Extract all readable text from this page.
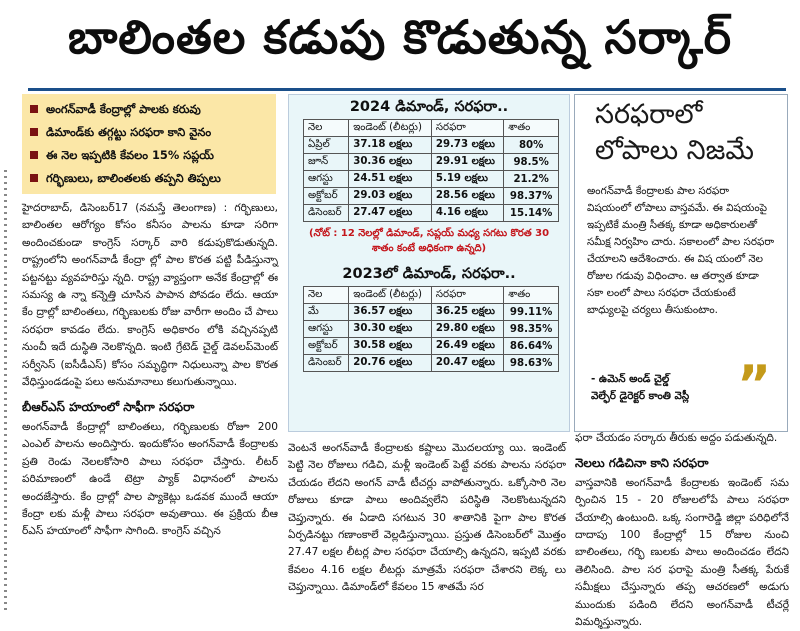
బాలింతల కడుపు కొడుతున్న సర్కార్
అంగన్‌వాడీ కేంద్రాల్లో పాలకు కరువు
డిమాండ్‌కు తగ్గట్టు సరఫరా కాని వైనం
ఈ నెల ఇప్పటికి కేవలం 15% సప్లయ్
గర్భిణులు, బాలింతలకు తప్పని తిప్పలు

హైదరాబాద్, డిసెంబర్17 (నమస్తే తెలంగాణ) : గర్భిణులు, బాలింతల ఆరోగ్యం కోసం కనీసం పాలను కూడా సరిగా అందించకుండా కాంగ్రెస్ సర్కార్ వారి కడుపుకొడుతున్నది. రాష్ట్రంలోని అంగన్‌వాడీ కేంద్రా ల్లో పాల కొరత పట్టి పీడిస్తున్నా పట్టనట్టు వ్యవహరిస్తు న్నది. రాష్ట్ర వ్యాప్తంగా అనేక కేంద్రాల్లో ఈ సమస్య ఉ న్నా కన్నెత్తి చూసిన పాపాన పోవడం లేదు. ఆయా కేం ద్రాల్లో బాలింతలు, గర్భిణులకు రోజు వారీగా అందిం చే పాలు సరఫరా కావడం లేదు. కాంగ్రెస్ అధికారం లోకి వచ్చినప్పటి నుంచీ ఇదే దుస్థితి నెలకొన్నది. ఇంటి గ్రేటెడ్ చైల్డ్ డెవలప్‌మెంట్ సర్వీసెస్ (ఐసీడీఎస్) కోసం సమృద్ధిగా నిధులున్నా పాల కొరత వేధిస్తుండడంపై పలు అనుమానాలు కలుగుతున్నాయి.

బీఆర్ఎస్ హయాంలో సాఫీగా సరఫరా

అంగన్‌వాడీ కేంద్రాల్లో బాలింతలు, గర్భిణులకు రోజూ 200 ఎంఎల్ పాలను అందిస్తారు. ఇందుకోసం అంగన్‌వాడీ కేంద్రాలకు ప్రతి రెండు నెలలకోసారి పాలు సరఫరా చేస్తారు. లీటర్ పరిమాణంలో ఉండే టెట్రా ప్యాక్ విధానంలో పాలను అందజేస్తారు. కేం ద్రాల్లో పాల ప్యాకెట్లు ఒడవక ముందే ఆయా కేంద్రా లకు మళ్లీ పాలు సరఫరా అవుతాయి. ఈ ప్రక్రియ బీఆ ర్ఎస్ హయాంలో సాఫీగా సాగింది. కాంగ్రెస్ వచ్చిన

2024 డిమాండ్, సరఫరా..
నెల	ఇండెంట్ (లీటర్లు)	సరఫరా	శాతం
ఏప్రిల్	37.18 లక్షలు	29.73 లక్షలు	80%
జూన్	30.36 లక్షలు	29.91 లక్షలు	98.5%
ఆగస్టు	24.51 లక్షలు	5.19 లక్షలు	21.2%
అక్టోబర్	29.03 లక్షలు	28.56 లక్షలు	98.37%
డిసెంబర్	27.47 లక్షలు	4.16 లక్షలు	15.14%
(నోట్ : 12 నెలల్లో డిమాండ్, సప్లయ్ మధ్య సగటు కొరత 30 శాతం కంటే అధికంగా ఉన్నది)
2023లో డిమాండ్, సరఫరా..
నెల	ఇండెంట్ (లీటర్లు)	సరఫరా	శాతం
మే	36.57 లక్షలు	36.25 లక్షలు	99.11%
ఆగస్టు	30.30 లక్షలు	29.80 లక్షలు	98.35%
అక్టోబర్	30.58 లక్షలు	26.49 లక్షలు	86.64%
డిసెంబర్	20.76 లక్షలు	20.47 లక్షలు	98.63%
సరఫరాలో లోపాలు నిజమే
అంగన్‌వాడీ కేంద్రాలకు పాల సరఫరా విషయంలో లోపాలు వాస్తవమే. ఈ విషయంపై ఇప్పటికే మంత్రి సీతక్క కూడా అధికారులతో సమీక్ష నిర్వహిం చారు. సకాలంలో పాల సరఫరా చేయాలని ఆదేశించారు. ఈ విష యంలో నెల రోజుల గడువు విధించాం. ఆ తర్వాత కూడా సకా లంలో పాలు సరఫరా చేయకుంటే బాధ్యులపై చర్యలు తీసుకుంటాం.
”
- ఉమెన్ అండ్ చైల్డ్
వెల్ఫేర్ డైరెక్టర్ కాంతి వెస్లీ

వెంటనే అంగన్‌వాడీ కేంద్రాలకు కష్టాలు మొదలయ్యా యి. ఇండెంట్ పెట్టి నెల రోజులు గడిచి, మళ్లీ ఇండెంట్ పెట్టే వరకు పాలను సరఫరా చేయడం లేదని అంగన్ వాడీ టీచర్లు వాపోతున్నారు. ఒక్కోసారి నెల రోజులు కూడా పాలు అందివ్వలేని పరిస్థితి నెలకొంటున్నదని చెప్తున్నారు. ఈ ఏడాది సగటున 30 శాతానికి పైగా పాల కొరత ఏర్పడినట్టు గణాంకాలే వెల్లడిస్తున్నాయి. ప్రస్తుత డిసెంబర్‌లో మొత్తం 27.47 లక్షల లీటర్ల పాల సరఫరా చేయాల్సి ఉన్నదని, ఇప్పటి వరకు కేవలం 4.16 లక్షల లీటర్లు మాత్రమే సరఫరా చేశారని లెక్క లు చెప్తున్నాయి. డిమాండ్‌లో కేవలం 15 శాతమే సర

ఫరా చేయడం సర్కారు తీరుకు అద్దం పడుతున్నది.

నెలలు గడిచినా కాని సరఫరా

వాస్తవానికి అంగన్‌వాడీ కేంద్రాలకు ఇండెంట్ సమ ర్పించిన 15 - 20 రోజులలోపే పాలు సరఫరా చేయాల్సి ఉంటుంది. ఒక్క సంగారెడ్డి జిల్లా పరిధిలోనే దాదాపు 100 కేంద్రాల్లో 15 రోజుల నుంచి బాలింతలు, గర్భి ణులకు పాలు అందించడం లేదని తెలిసింది. పాల సర ఫరాపై మంత్రి సీతక్క పేరుకే సమీక్షలు చేస్తున్నారు తప్ప ఆచరణలో అడుగు ముందుకు పడింది లేదని అంగన్‌వాడీ టీచర్లే విమర్శిస్తున్నారు.
